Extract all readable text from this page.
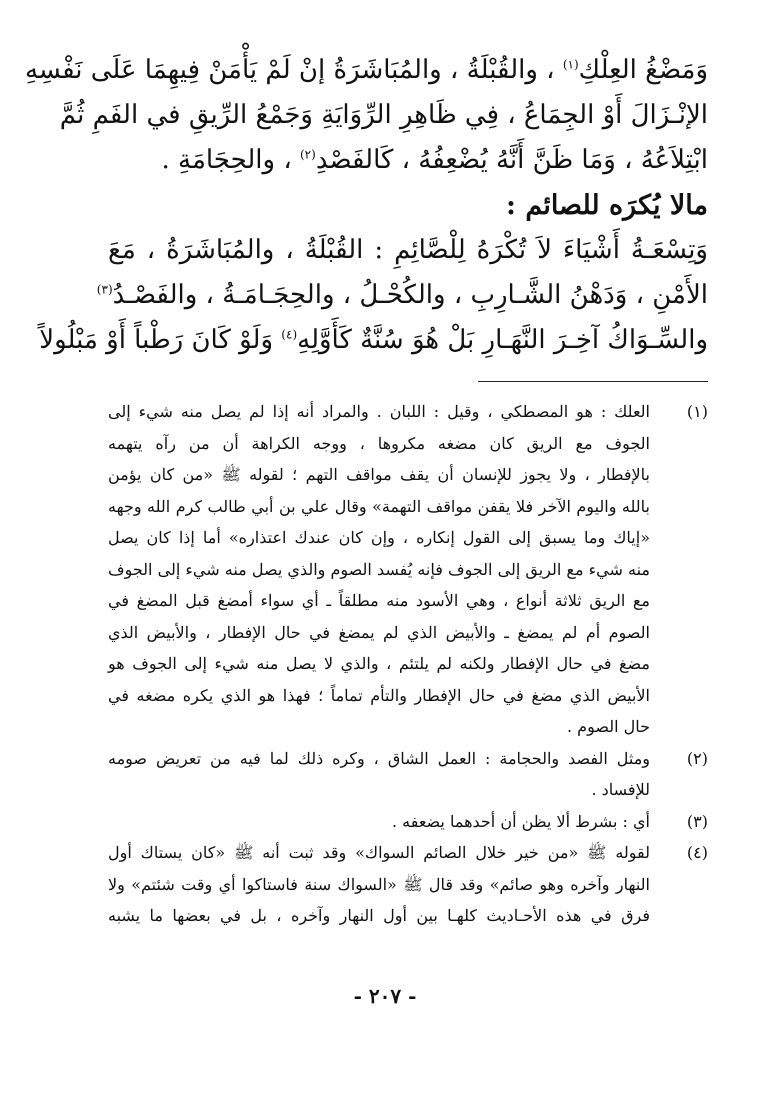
وَمَضْغُ العِلْكِ$^{(١)}$ ، والقُبْلَةُ ، والمُبَاشَرَةُ إنْ لَمْ يَأْمَنْ فِيهِمَا عَلَى نَفْسِهِ

الإنْـزَالَ أَوْ الجِمَاعُ ، فِي ظَاهِرِ الرِّوَايَةِ وَجَمْعُ الرِّيقِ في الفَمِ ثُمَّ

ابْتِلاَعُهُ ، وَمَا ظَنَّ أَنَّهُ يُضْعِفُهُ ، كَالفَصْدِ$^{(٢)}$ ، والحِجَامَةِ .

مالا يُكرَه للصائم :

وَتِسْعَـةُ أَشْيَاءَ لاَ تُكْرَهُ لِلْصَّائِمِ : القُبْلَةُ ، والمُبَاشَرَةُ ، مَعَ

الأَمْنِ ، وَدَهْنُ الشَّـارِبِ ، والكُحْـلُ ، والحِجَـامَـةُ ، والفَصْـدُ$^{(٣)}$

والسِّـوَاكُ آخِـرَ النَّهَـارِ بَلْ هُوَ سُنَّةٌ كَأَوَّلِهِ$^{(٤)}$ وَلَوْ كَانَ رَطْباً أَوْ مَبْلُولاً

(١)
العلك : هو المصطكي ، وقيل : اللبان . والمراد أنه إذا لم يصل منه شيء إلى
الجوف مع الريق كان مضغه مكروها ، ووجه الكراهة أن من رآه يتهمه
بالإفطار ، ولا يجوز للإنسان أن يقف مواقف التهم ؛ لقوله ﷺ «من كان يؤمن
بالله واليوم الآخر فلا يقفن مواقف التهمة» وقال علي بن أبي طالب كرم الله وجهه
«إياك وما يسبق إلى القول إنكاره ، وإن كان عندك اعتذاره» أما إذا كان يصل
منه شيء مع الريق إلى الجوف فإنه يُفسد الصوم والذي يصل منه شيء إلى الجوف
مع الريق ثلاثة أنواع ، وهي الأسود منه مطلقاً ـ أي سواء أمضغ قبل المضغ في
الصوم أم لم يمضغ ـ والأبيض الذي لم يمضغ في حال الإفطار ، والأبيض الذي
مضغ في حال الإفطار ولكنه لم يلتئم ، والذي لا يصل منه شيء إلى الجوف هو
الأبيض الذي مضغ في حال الإفطار والتأم تماماً ؛ فهذا هو الذي يكره مضغه في
حال الصوم .
(٢)
ومثل الفصد والحجامة : العمل الشاق ، وكره ذلك لما فيه من تعريض صومه
للإفساد .
(٣)
أي : بشرط ألا يظن أن أحدهما يضعفه .
(٤)
لقوله ﷺ «من خير خلال الصائم السواك» وقد ثبت أنه ﷺ «كان يستاك أول
النهار وآخره وهو صائم» وقد قال ﷺ «السواك سنة فاستاكوا أي وقت شئتم» ولا
فرق في هذه الأحـاديث كلهـا بين أول النهار وآخره ، بل في بعضها ما يشبه
- ٢٠٧ -
